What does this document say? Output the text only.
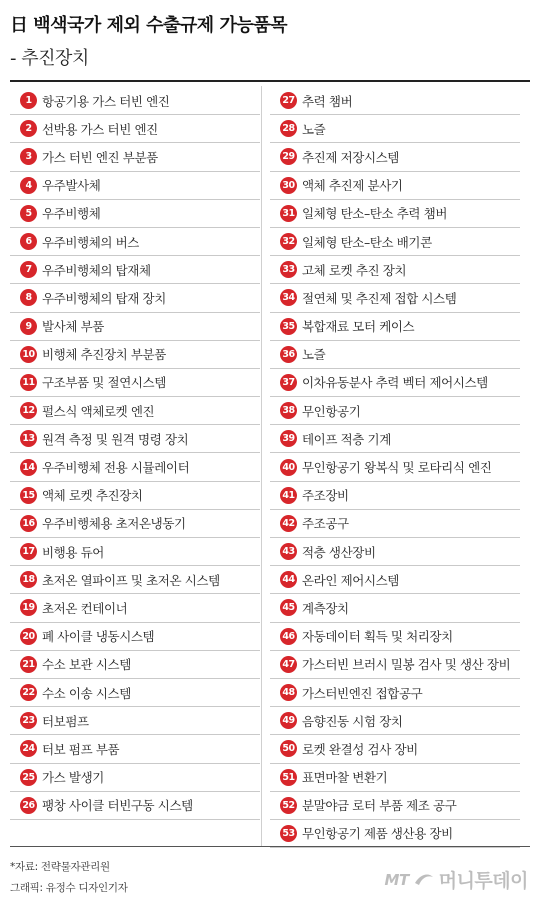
日 백색국가 제외 수출규제 가능품목
- 추진장치
1 항공기용 가스 터빈 엔진
2 선박용 가스 터빈 엔진
3 가스 터빈 엔진 부분품
4 우주발사체
5 우주비행체
6 우주비행체의 버스
7 우주비행체의 탑재체
8 우주비행체의 탑재 장치
9 발사체 부품
10 비행체 추진장치 부분품
11 구조부품 및 절연시스템
12 펄스식 액체로켓 엔진
13 원격 측정 및 원격 명령 장치
14 우주비행체 전용 시뮬레이터
15 액체 로켓 추진장치
16 우주비행체용 초저온냉동기
17 비행용 듀어
18 초저온 열파이프 및 초저온 시스템
19 초저온 컨테이너
20 폐 사이클 냉동시스템
21 수소 보관 시스템
22 수소 이송 시스템
23 터보펌프
24 터보 펌프 부품
25 가스 발생기
26 팽창 사이클 터빈구동 시스템
27 추력 챔버
28 노즐
29 추진제 저장시스템
30 액체 추진제 분사기
31 일체형 탄소–탄소 추력 챔버
32 일체형 탄소–탄소 배기콘
33 고체 로켓 추진 장치
34 절연체 및 추진제 접합 시스템
35 복합재료 모터 케이스
36 노즐
37 이차유동분사 추력 벡터 제어시스템
38 무인항공기
39 테이프 적층 기계
40 무인항공기 왕복식 및 로타리식 엔진
41 주조장비
42 주조공구
43 적층 생산장비
44 온라인 제어시스템
45 계측장치
46 자동데이터 획득 및 처리장치
47 가스터빈 브러시 밀봉 검사 및 생산 장비
48 가스터빈엔진 접합공구
49 음향진동 시험 장치
50 로켓 완결성 검사 장비
51 표면마찰 변환기
52 분말야금 로터 부품 제조 공구
53 무인항공기 제품 생산용 장비
*자료: 전략물자관리원
그래픽: 유정수 디자인기자	MT 머니투데이
